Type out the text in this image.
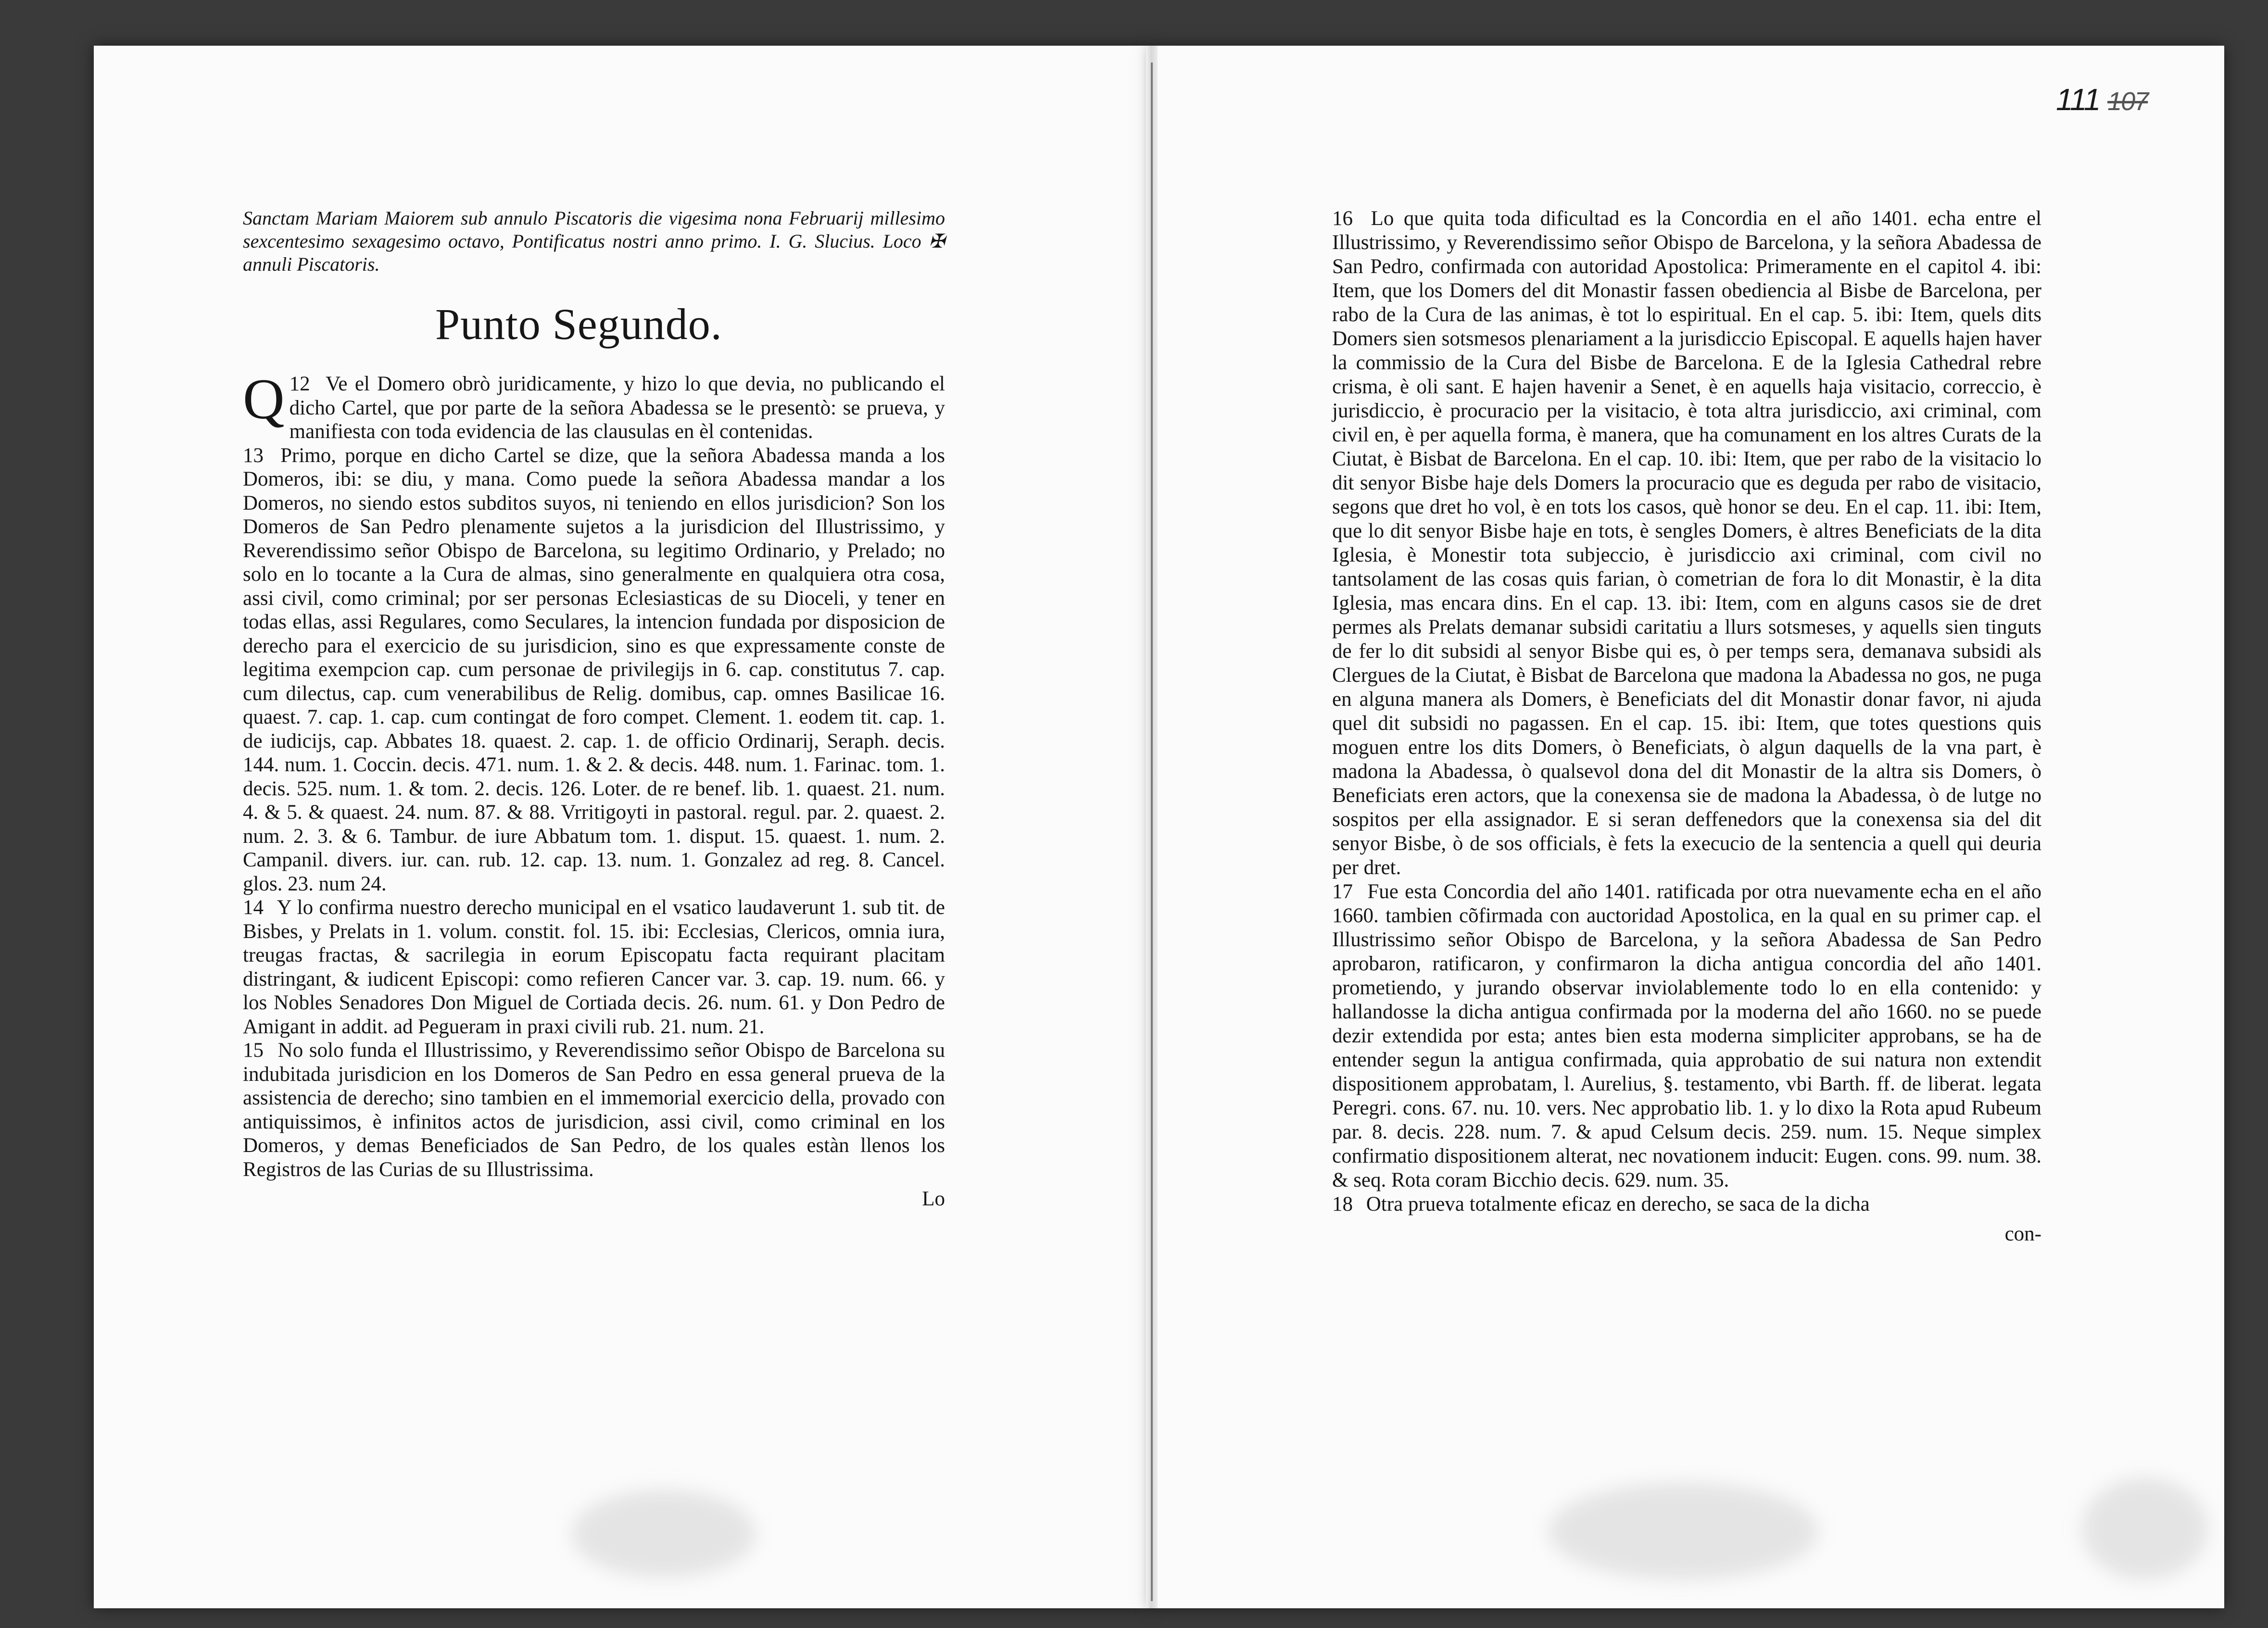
111 107
Sanctam Mariam Maiorem sub annulo Piscatoris die vigesima nona Februarij millesimo sexcentesimo sexagesimo octavo, Pontificatus nostri anno primo. I. G. Slucius. Loco ✠ annuli Piscatoris.
Punto Segundo.

12
Q Ve el Domero obrò juridicamente, y hizo lo que devia, no publicando el dicho Cartel, que por parte de la señora Abadessa se le presentò: se prueva, y manifiesta con toda evidencia de las clausulas en èl contenidas.

13 Primo, porque en dicho Cartel se dize, que la señora Abadessa manda a los Domeros, ibi: se diu, y mana. Como puede la señora Abadessa mandar a los Domeros, no siendo estos subditos suyos, ni teniendo en ellos jurisdicion? Son los Domeros de San Pedro plenamente sujetos a la jurisdicion del Illustrissimo, y Reverendissimo señor Obispo de Barcelona, su legitimo Ordinario, y Prelado; no solo en lo tocante a la Cura de almas, sino generalmente en qualquiera otra cosa, assi civil, como criminal; por ser personas Eclesiasticas de su Dioceli, y tener en todas ellas, assi Regulares, como Seculares, la intencion fundada por disposicion de derecho para el exercicio de su jurisdicion, sino es que expressamente conste de legitima exempcion cap. cum personae de privilegijs in 6. cap. constitutus 7. cap. cum dilectus, cap. cum venerabilibus de Relig. domibus, cap. omnes Basilicae 16. quaest. 7. cap. 1. cap. cum contingat de foro compet. Clement. 1. eodem tit. cap. 1. de iudicijs, cap. Abbates 18. quaest. 2. cap. 1. de officio Ordinarij, Seraph. decis. 144. num. 1. Coccin. decis. 471. num. 1. & 2. & decis. 448. num. 1. Farinac. tom. 1. decis. 525. num. 1. & tom. 2. decis. 126. Loter. de re benef. lib. 1. quaest. 21. num. 4. & 5. & quaest. 24. num. 87. & 88. Vrritigoyti in pastoral. regul. par. 2. quaest. 2. num. 2. 3. & 6. Tambur. de iure Abbatum tom. 1. disput. 15. quaest. 1. num. 2. Campanil. divers. iur. can. rub. 12. cap. 13. num. 1. Gonzalez ad reg. 8. Cancel. glos. 23. num 24.

14 Y lo confirma nuestro derecho municipal en el vsatico laudaverunt 1. sub tit. de Bisbes, y Prelats in 1. volum. constit. fol. 15. ibi: Ecclesias, Clericos, omnia iura, treugas fractas, & sacrilegia in eorum Episcopatu facta requirant placitam distringant, & iudicent Episcopi: como refieren Cancer var. 3. cap. 19. num. 66. y los Nobles Senadores Don Miguel de Cortiada decis. 26. num. 61. y Don Pedro de Amigant in addit. ad Pegueram in praxi civili rub. 21. num. 21.

15 No solo funda el Illustrissimo, y Reverendissimo señor Obispo de Barcelona su indubitada jurisdicion en los Domeros de San Pedro en essa general prueva de la assistencia de derecho; sino tambien en el immemorial exercicio della, provado con antiquissimos, è infinitos actos de jurisdicion, assi civil, como criminal en los Domeros, y demas Beneficiados de San Pedro, de los quales estàn llenos los Registros de las Curias de su Illustrissima.

Lo

16 Lo que quita toda dificultad es la Concordia en el año 1401. echa entre el Illustrissimo, y Reverendissimo señor Obispo de Barcelona, y la señora Abadessa de San Pedro, confirmada con autoridad Apostolica: Primeramente en el capitol 4. ibi: Item, que los Domers del dit Monastir fassen obediencia al Bisbe de Barcelona, per rabo de la Cura de las animas, è tot lo espiritual. En el cap. 5. ibi: Item, quels dits Domers sien sotsmesos plenariament a la jurisdiccio Episcopal. E aquells hajen haver la commissio de la Cura del Bisbe de Barcelona. E de la Iglesia Cathedral rebre crisma, è oli sant. E hajen havenir a Senet, è en aquells haja visitacio, correccio, è jurisdiccio, è procuracio per la visitacio, è tota altra jurisdiccio, axi criminal, com civil en, è per aquella forma, è manera, que ha comunament en los altres Curats de la Ciutat, è Bisbat de Barcelona. En el cap. 10. ibi: Item, que per rabo de la visitacio lo dit senyor Bisbe haje dels Domers la procuracio que es deguda per rabo de visitacio, segons que dret ho vol, è en tots los casos, què honor se deu. En el cap. 11. ibi: Item, que lo dit senyor Bisbe haje en tots, è sengles Domers, è altres Beneficiats de la dita Iglesia, è Monestir tota subjeccio, è jurisdiccio axi criminal, com civil no tantsolament de las cosas quis farian, ò cometrian de fora lo dit Monastir, è la dita Iglesia, mas encara dins. En el cap. 13. ibi: Item, com en alguns casos sie de dret permes als Prelats demanar subsidi caritatiu a llurs sotsmeses, y aquells sien tinguts de fer lo dit subsidi al senyor Bisbe qui es, ò per temps sera, demanava subsidi als Clergues de la Ciutat, è Bisbat de Barcelona que madona la Abadessa no gos, ne puga en alguna manera als Domers, è Beneficiats del dit Monastir donar favor, ni ajuda quel dit subsidi no pagassen. En el cap. 15. ibi: Item, que totes questions quis moguen entre los dits Domers, ò Beneficiats, ò algun daquells de la vna part, è madona la Abadessa, ò qualsevol dona del dit Monastir de la altra sis Domers, ò Beneficiats eren actors, que la conexensa sie de madona la Abadessa, ò de lutge no sospitos per ella assignador. E si seran deffenedors que la conexensa sia del dit senyor Bisbe, ò de sos officials, è fets la execucio de la sentencia a quell qui deuria per dret.

17 Fue esta Concordia del año 1401. ratificada por otra nuevamente echa en el año 1660. tambien cõfirmada con auctoridad Apostolica, en la qual en su primer cap. el Illustrissimo señor Obispo de Barcelona, y la señora Abadessa de San Pedro aprobaron, ratificaron, y confirmaron la dicha antigua concordia del año 1401. prometiendo, y jurando observar inviolablemente todo lo en ella contenido: y hallandosse la dicha antigua confirmada por la moderna del año 1660. no se puede dezir extendida por esta; antes bien esta moderna simpliciter approbans, se ha de entender segun la antigua confirmada, quia approbatio de sui natura non extendit dispositionem approbatam, l. Aurelius, §. testamento, vbi Barth. ff. de liberat. legata Peregri. cons. 67. nu. 10. vers. Nec approbatio lib. 1. y lo dixo la Rota apud Rubeum par. 8. decis. 228. num. 7. & apud Celsum decis. 259. num. 15. Neque simplex confirmatio dispositionem alterat, nec novationem inducit: Eugen. cons. 99. num. 38. & seq. Rota coram Bicchio decis. 629. num. 35.

18 Otra prueva totalmente eficaz en derecho, se saca de la dicha

con-
